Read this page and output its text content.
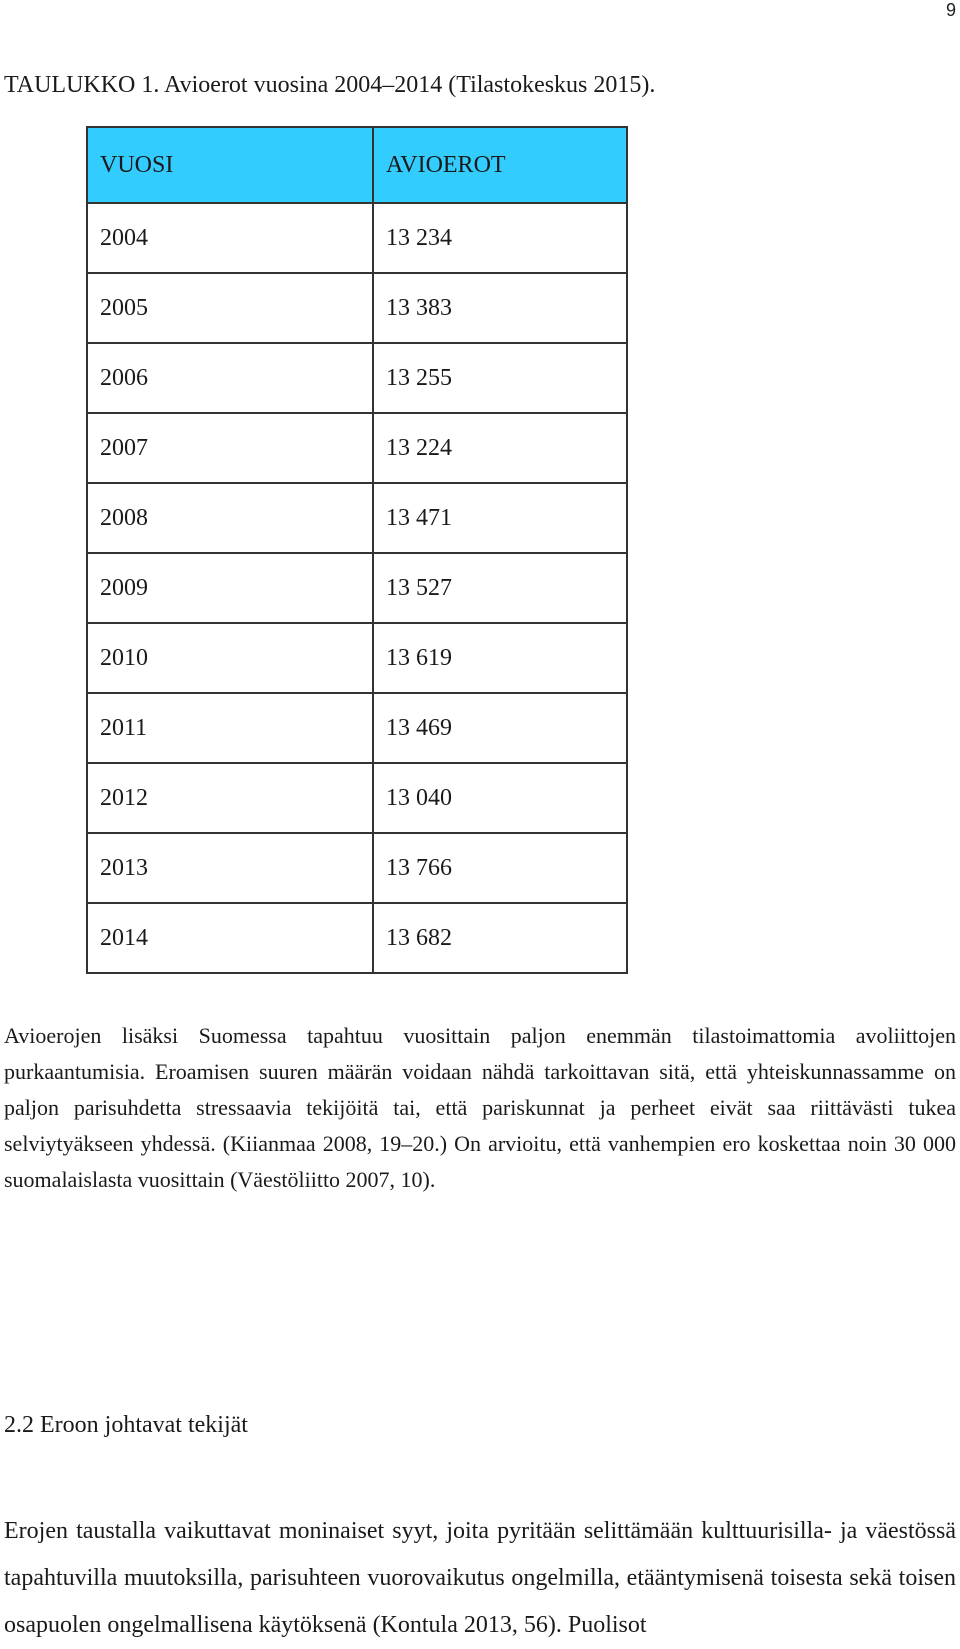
9
TAULUKKO 1. Avioerot vuosina 2004–2014 (Tilastokeskus 2015).
VUOSI	AVIOEROT
2004	13 234
2005	13 383
2006	13 255
2007	13 224
2008	13 471
2009	13 527
2010	13 619
2011	13 469
2012	13 040
2013	13 766
2014	13 682

Avioerojen lisäksi Suomessa tapahtuu vuosittain paljon enemmän tilastoimattomia avoliittojen purkaantumisia. Eroamisen suuren määrän voidaan nähdä tarkoittavan sitä, että yhteiskunnassamme on paljon parisuhdetta stressaavia tekijöitä tai, että pariskunnat ja perheet eivät saa riittävästi tukea selviytyäkseen yhdessä. (Kiianmaa 2008, 19–20.) On arvioitu, että vanhempien ero koskettaa noin 30 000 suomalaislasta vuosittain (Väestöliitto 2007, 10).

2.2 Eroon johtavat tekijät

Erojen taustalla vaikuttavat moninaiset syyt, joita pyritään selittämään kulttuurisilla- ja väestössä tapahtuvilla muutoksilla, parisuhteen vuorovaikutus ongelmilla, etääntymisenä toisesta sekä toisen osapuolen ongelmallisena käytöksenä (Kontula 2013, 56). Puolisot
